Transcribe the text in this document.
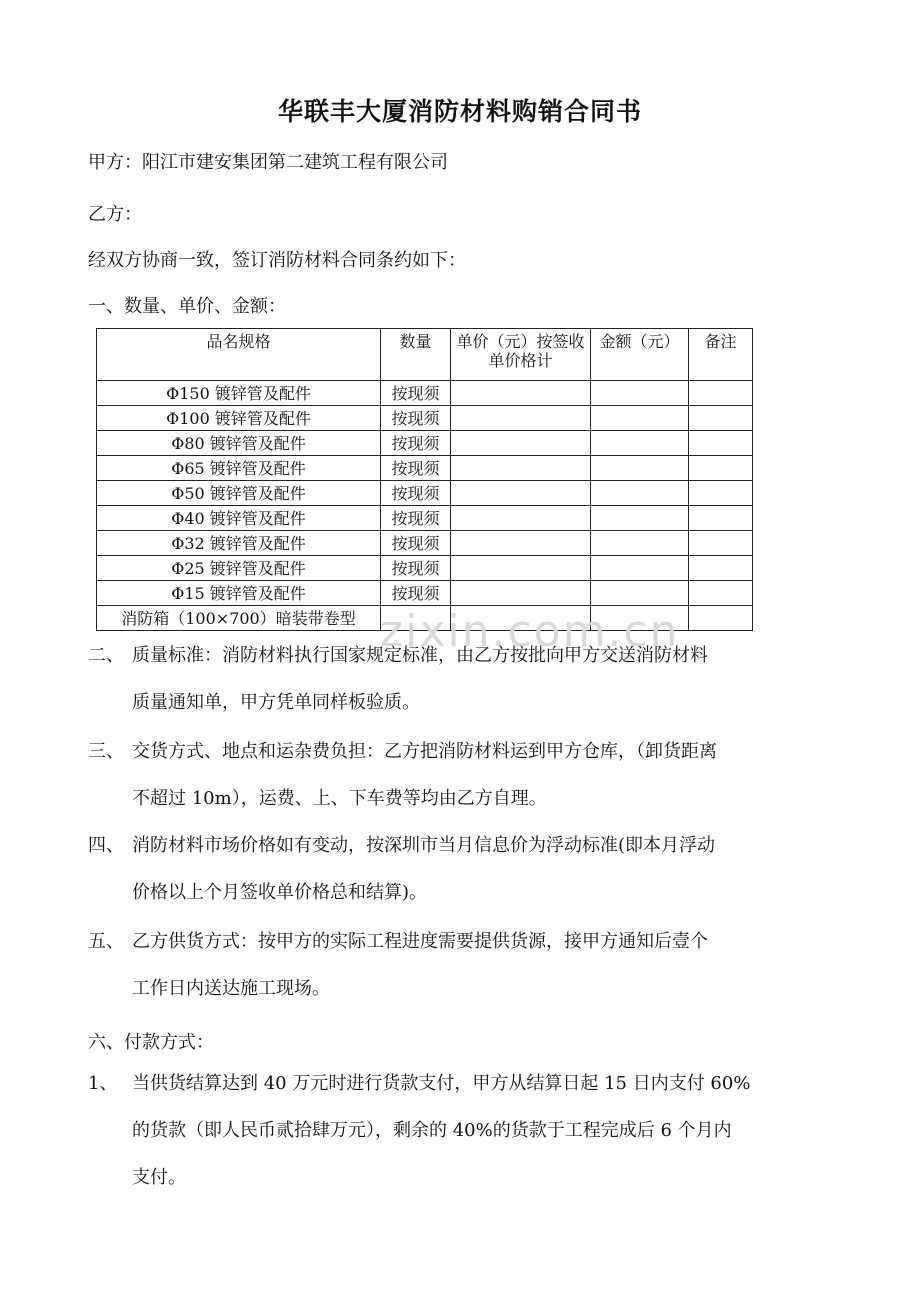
华联丰大厦消防材料购销合同书
甲方：阳江市建安集团第二建筑工程有限公司
乙方：
经双方协商一致，签订消防材料合同条约如下：
一、数量、单价、金额：
品名规格	数量	单价（元）按签收单价格计	金额（元）	备注
Φ150 镀锌管及配件	按现须			
Φ100 镀锌管及配件	按现须			
Φ80 镀锌管及配件	按现须			
Φ65 镀锌管及配件	按现须			
Φ50 镀锌管及配件	按现须			
Φ40 镀锌管及配件	按现须			
Φ32 镀锌管及配件	按现须			
Φ25 镀锌管及配件	按现须			
Φ15 镀锌管及配件	按现须			
消防箱（100×700）暗装带卷型				zixin.com.cn
二、 质量标准：消防材料执行国家规定标准，由乙方按批向甲方交送消防材料
质量通知单，甲方凭单同样板验质。
三、 交货方式、地点和运杂费负担：乙方把消防材料运到甲方仓库，（卸货距离
不超过 10m），运费、上、下车费等均由乙方自理。
四、 消防材料市场价格如有变动，按深圳市当月信息价为浮动标准(即本月浮动
价格以上个月签收单价格总和结算)。
五、 乙方供货方式：按甲方的实际工程进度需要提供货源，接甲方通知后壹个
工作日内送达施工现场。
六、付款方式：
1、 当供货结算达到 40 万元时进行货款支付，甲方从结算日起 15 日内支付 60%
的货款（即人民币贰拾肆万元），剩余的 40%的货款于工程完成后 6 个月内
支付。
